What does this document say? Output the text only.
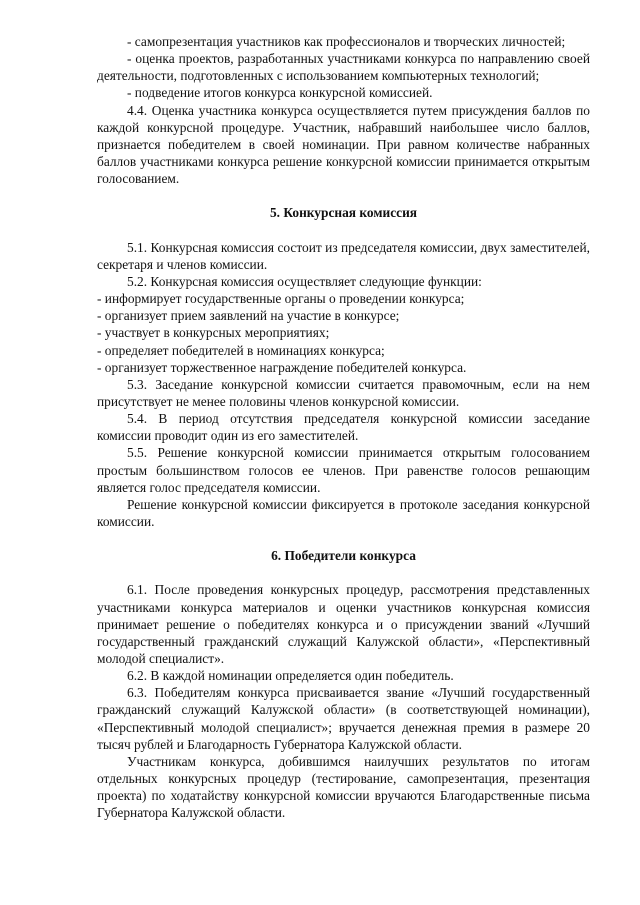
- самопрезентация участников как профессионалов и творческих личностей;

- оценка проектов, разработанных участниками конкурса по направлению своей деятельности, подготовленных с использованием компьютерных технологий;

- подведение итогов конкурса конкурсной комиссией.

4.4. Оценка участника конкурса осуществляется путем присуждения баллов по каждой конкурсной процедуре. Участник, набравший наибольшее число баллов, признается победителем в своей номинации. При равном количестве набранных баллов участниками конкурса решение конкурсной комиссии принимается открытым голосованием.

5. Конкурсная комиссия

5.1. Конкурсная комиссия состоит из председателя комиссии, двух заместителей, секретаря и членов комиссии.

5.2. Конкурсная комиссия осуществляет следующие функции:

- информирует государственные органы о проведении конкурса;

- организует прием заявлений на участие в конкурсе;

- участвует в конкурсных мероприятиях;

- определяет победителей в номинациях конкурса;

- организует торжественное награждение победителей конкурса.

5.3. Заседание конкурсной комиссии считается правомочным, если на нем присутствует не менее половины членов конкурсной комиссии.

5.4. В период отсутствия председателя конкурсной комиссии заседание комиссии проводит один из его заместителей.

5.5. Решение конкурсной комиссии принимается открытым голосованием простым большинством голосов ее членов. При равенстве голосов решающим является голос председателя комиссии.

Решение конкурсной комиссии фиксируется в протоколе заседания конкурсной комиссии.

6. Победители конкурса

6.1. После проведения конкурсных процедур, рассмотрения представленных участниками конкурса материалов и оценки участников конкурсная комиссия принимает решение о победителях конкурса и о присуждении званий «Лучший государственный гражданский служащий Калужской области», «Перспективный молодой специалист».

6.2. В каждой номинации определяется один победитель.

6.3. Победителям конкурса присваивается звание «Лучший государственный гражданский служащий Калужской области» (в соответствующей номинации), «Перспективный молодой специалист»; вручается денежная премия в размере 20 тысяч рублей и Благодарность Губернатора Калужской области.

Участникам конкурса, добившимся наилучших результатов по итогам отдельных конкурсных процедур (тестирование, самопрезентация, презентация проекта) по ходатайству конкурсной комиссии вручаются Благодарственные письма Губернатора Калужской области.
